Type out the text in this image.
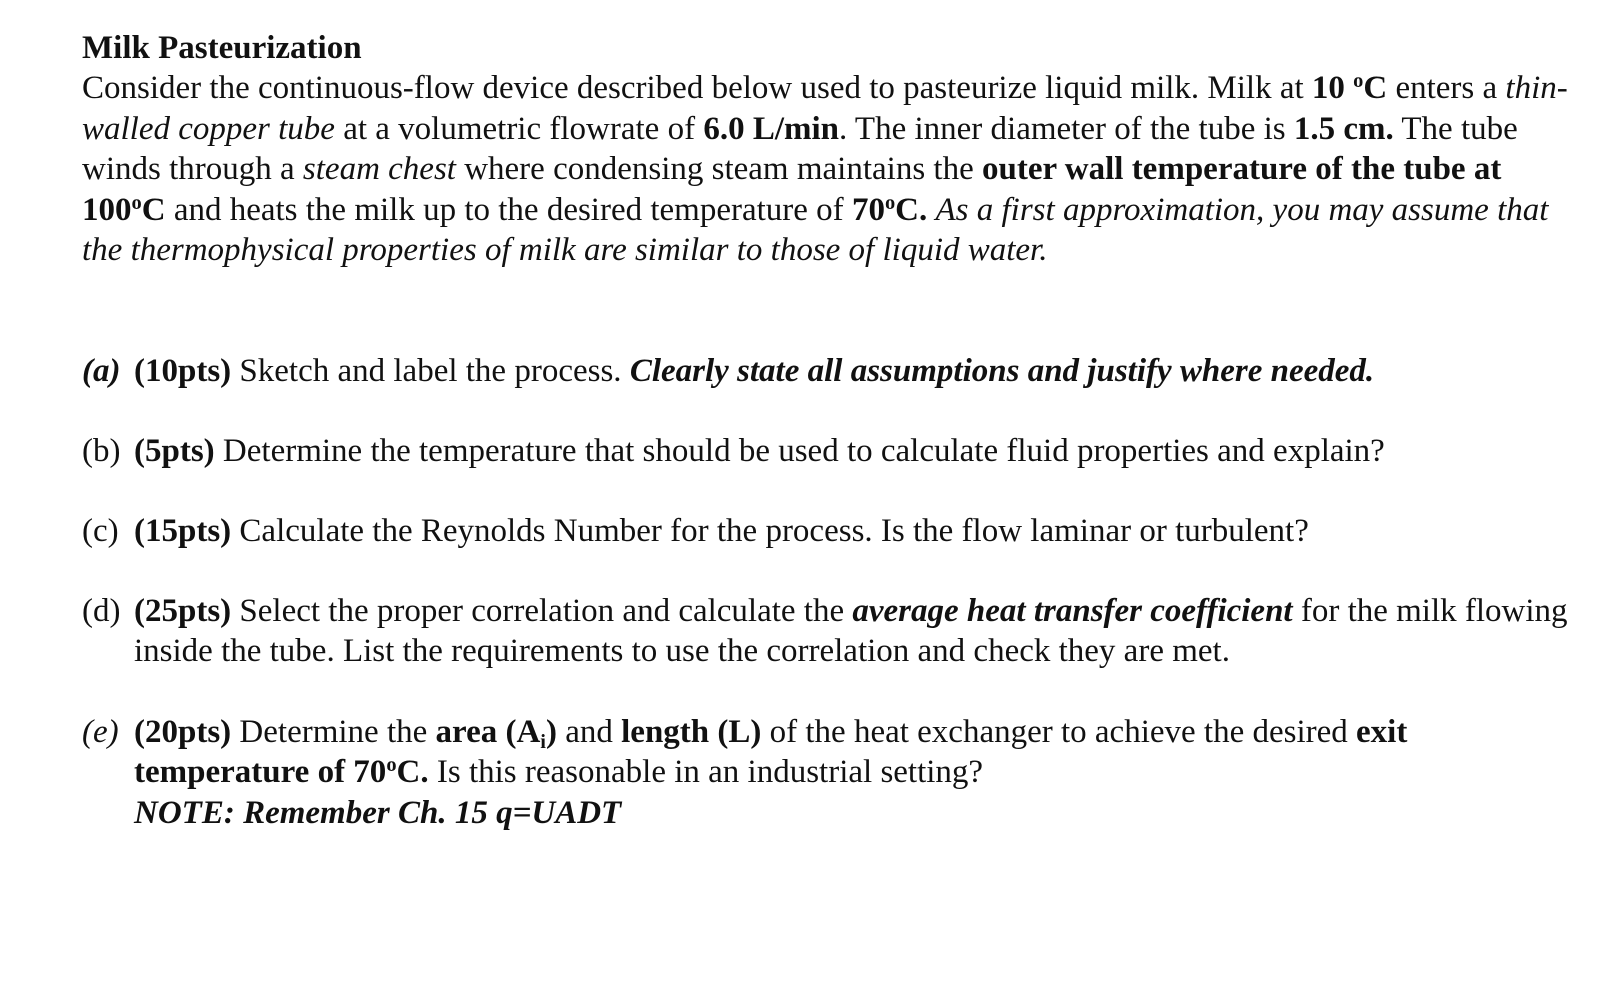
Milk Pasteurization

Consider the continuous-flow device described below used to pasteurize liquid milk. Milk at 10 $^o$C enters a thin-walled copper tube at a volumetric flowrate of 6.0 L/min. The inner diameter of the tube is 1.5 cm. The tube winds through a steam chest where condensing steam maintains the outer wall temperature of the tube at 100$^o$C and heats the milk up to the desired temperature of 70$^o$C. As a first approximation, you may assume that the thermophysical properties of milk are similar to those of liquid water.

(a) (10pts) Sketch and label the process. Clearly state all assumptions and justify where needed.

(b) (5pts) Determine the temperature that should be used to calculate fluid properties and explain?

(c) (15pts) Calculate the Reynolds Number for the process. Is the flow laminar or turbulent?

(d) (25pts) Select the proper correlation and calculate the average heat transfer coefficient for the milk flowing inside the tube. List the requirements to use the correlation and check they are met.

(e) (20pts) Determine the area $(A_i)$ and length (L) of the heat exchanger to achieve the desired exit temperature of 70$^o$C. Is this reasonable in an industrial setting?

NOTE: Remember Ch. 15 q=UADT
